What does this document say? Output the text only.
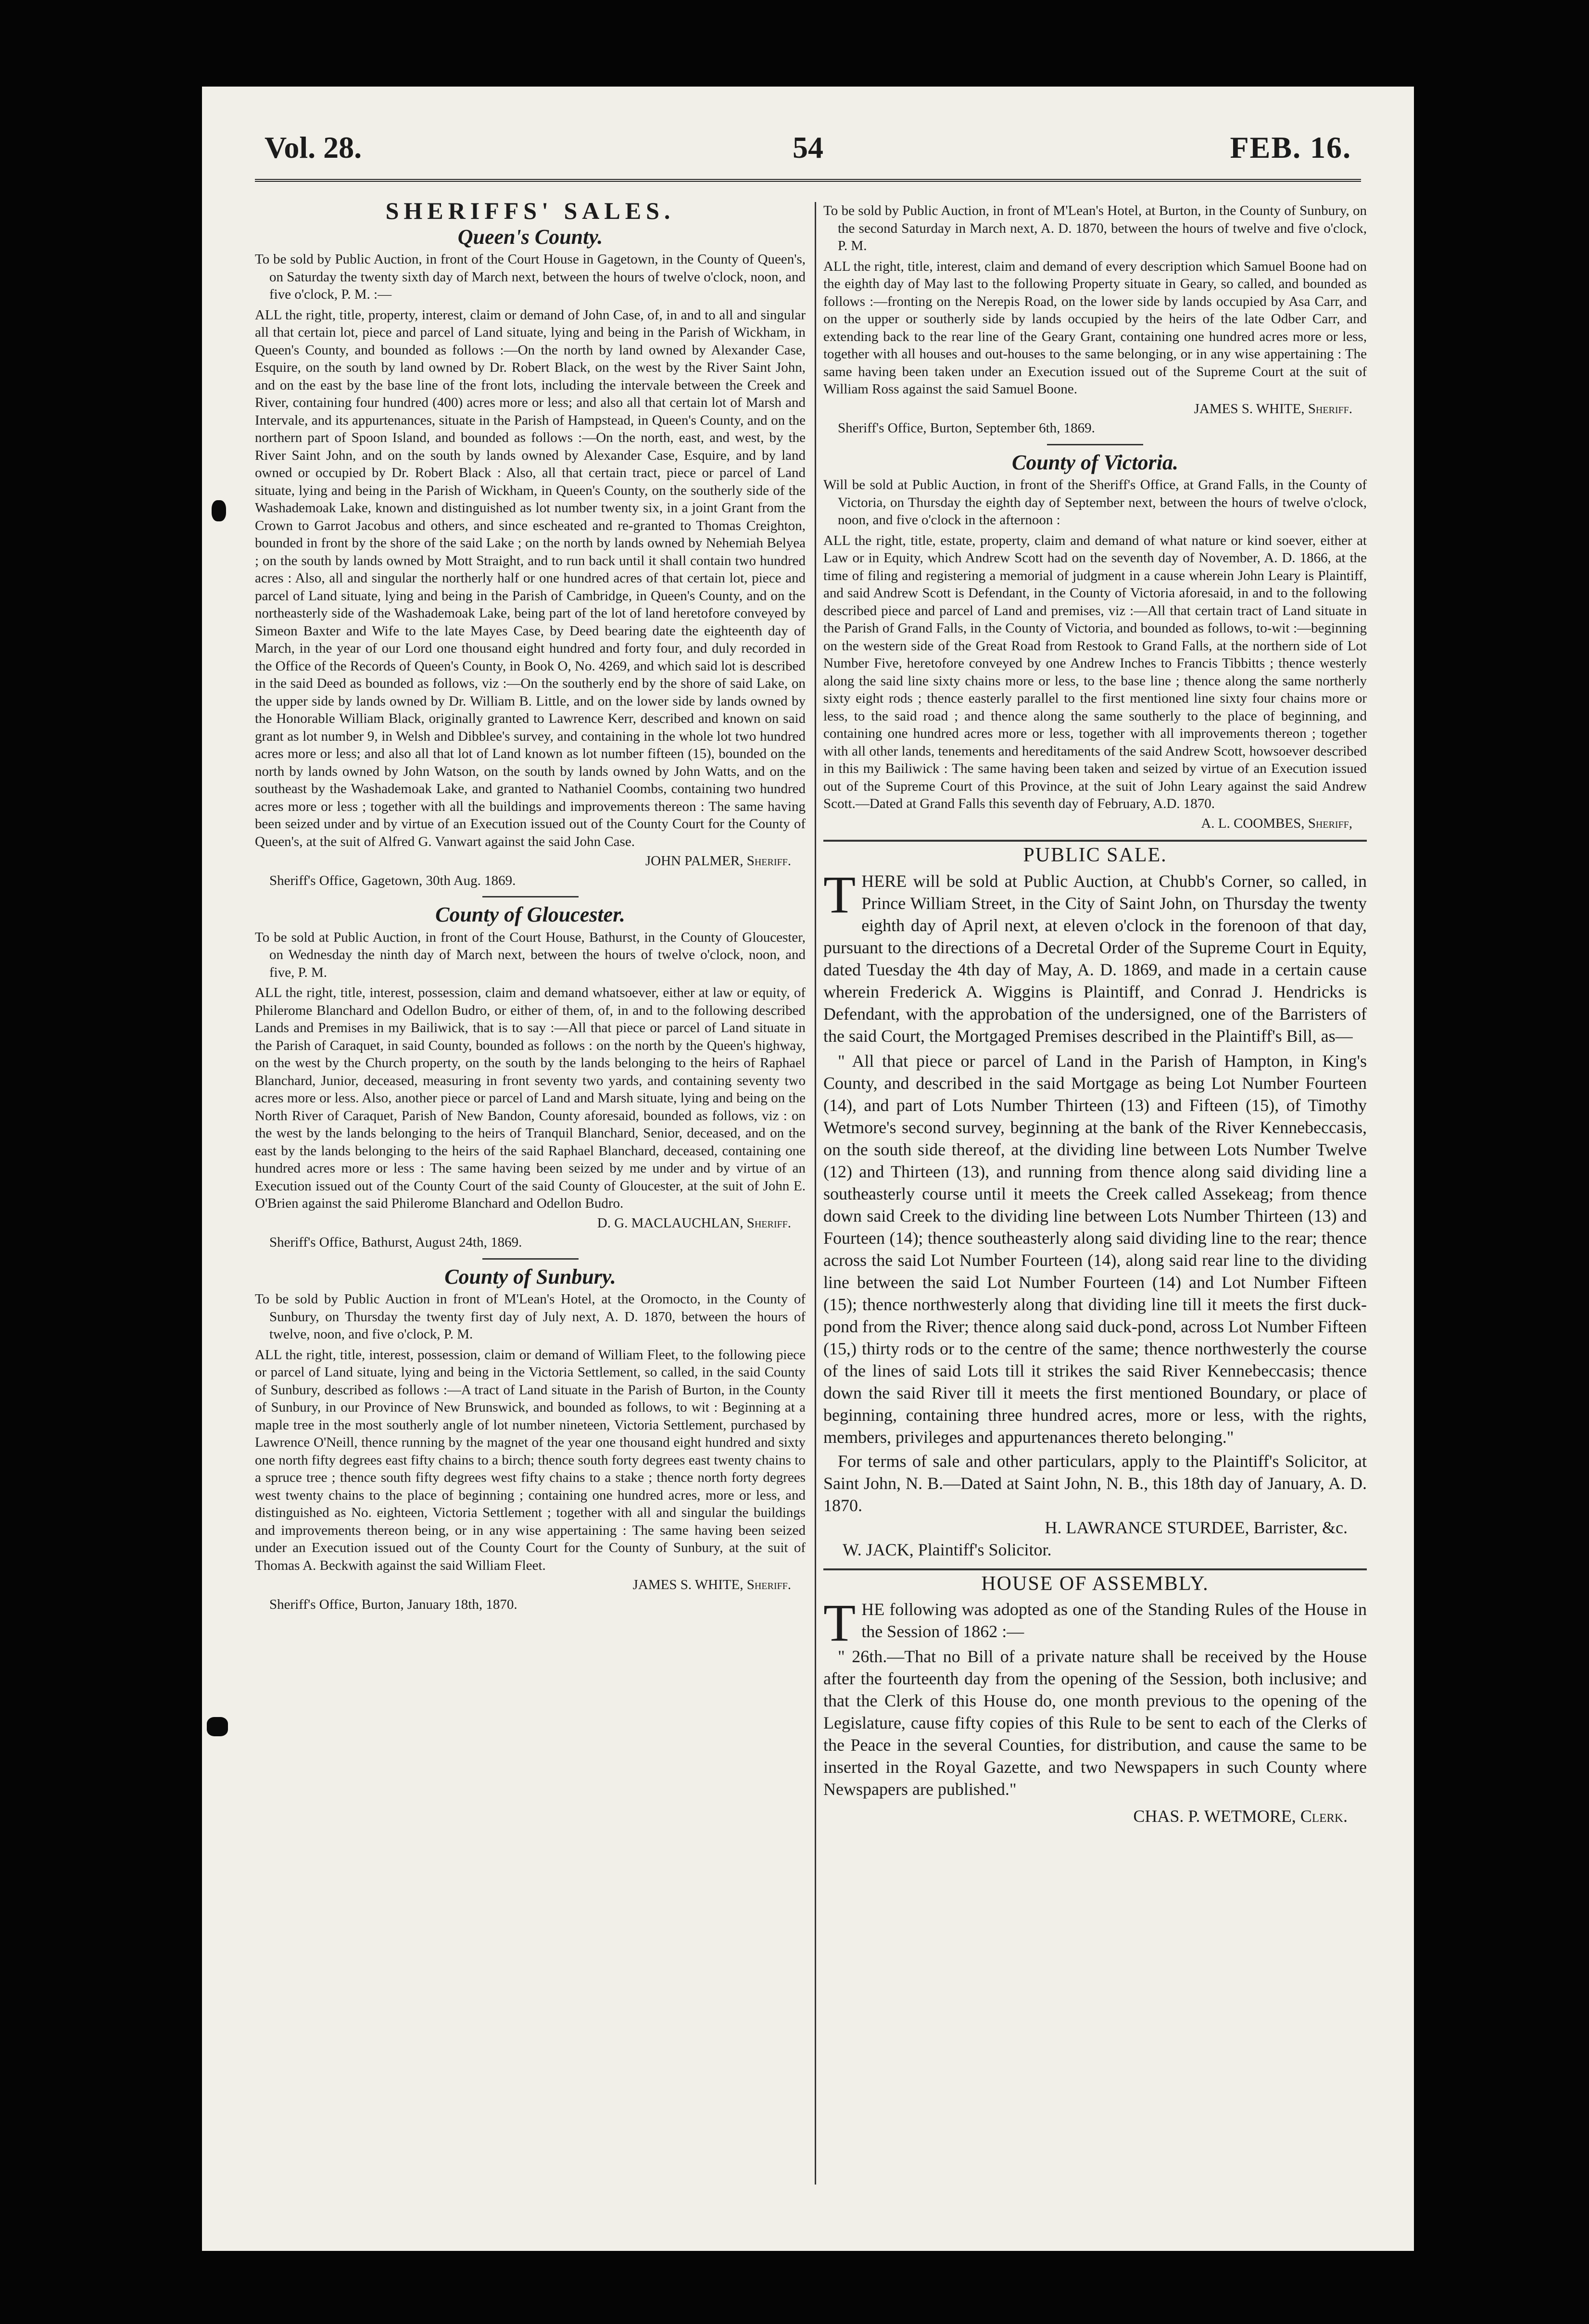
Vol. 28.	54	FEB. 16.
SHERIFFS' SALES.
Queen's County.

To be sold by Public Auction, in front of the Court House in Gagetown, in the County of Queen's, on Saturday the twenty sixth day of March next, between the hours of twelve o'clock, noon, and five o'clock, P. M. :—

ALL the right, title, property, interest, claim or demand of John Case, of, in and to all and singular all that certain lot, piece and parcel of Land situate, lying and being in the Parish of Wickham, in Queen's County, and bounded as follows :—On the north by land owned by Alexander Case, Esquire, on the south by land owned by Dr. Robert Black, on the west by the River Saint John, and on the east by the base line of the front lots, including the intervale between the Creek and River, containing four hundred (400) acres more or less; and also all that certain lot of Marsh and Intervale, and its appurtenances, situate in the Parish of Hampstead, in Queen's County, and on the northern part of Spoon Island, and bounded as follows :—On the north, east, and west, by the River Saint John, and on the south by lands owned by Alexander Case, Esquire, and by land owned or occupied by Dr. Robert Black : Also, all that certain tract, piece or parcel of Land situate, lying and being in the Parish of Wickham, in Queen's County, on the southerly side of the Washademoak Lake, known and distinguished as lot number twenty six, in a joint Grant from the Crown to Garrot Jacobus and others, and since escheated and re-granted to Thomas Creighton, bounded in front by the shore of the said Lake ; on the north by lands owned by Nehemiah Belyea ; on the south by lands owned by Mott Straight, and to run back until it shall contain two hundred acres : Also, all and singular the northerly half or one hundred acres of that certain lot, piece and parcel of Land situate, lying and being in the Parish of Cambridge, in Queen's County, and on the northeasterly side of the Washademoak Lake, being part of the lot of land heretofore conveyed by Simeon Baxter and Wife to the late Mayes Case, by Deed bearing date the eighteenth day of March, in the year of our Lord one thousand eight hundred and forty four, and duly recorded in the Office of the Records of Queen's County, in Book O, No. 4269, and which said lot is described in the said Deed as bounded as follows, viz :—On the southerly end by the shore of said Lake, on the upper side by lands owned by Dr. William B. Little, and on the lower side by lands owned by the Honorable William Black, originally granted to Lawrence Kerr, described and known on said grant as lot number 9, in Welsh and Dibblee's survey, and containing in the whole lot two hundred acres more or less; and also all that lot of Land known as lot number fifteen (15), bounded on the north by lands owned by John Watson, on the south by lands owned by John Watts, and on the southeast by the Washademoak Lake, and granted to Nathaniel Coombs, containing two hundred acres more or less ; together with all the buildings and improvements thereon : The same having been seized under and by virtue of an Execution issued out of the County Court for the County of Queen's, at the suit of Alfred G. Vanwart against the said John Case.

JOHN PALMER, Sheriff.
Sheriff's Office, Gagetown, 30th Aug. 1869.
County of Gloucester.

To be sold at Public Auction, in front of the Court House, Bathurst, in the County of Gloucester, on Wednesday the ninth day of March next, between the hours of twelve o'clock, noon, and five, P. M.

ALL the right, title, interest, possession, claim and demand whatsoever, either at law or equity, of Philerome Blanchard and Odellon Budro, or either of them, of, in and to the following described Lands and Premises in my Bailiwick, that is to say :—All that piece or parcel of Land situate in the Parish of Caraquet, in said County, bounded as follows : on the north by the Queen's highway, on the west by the Church property, on the south by the lands belonging to the heirs of Raphael Blanchard, Junior, deceased, measuring in front seventy two yards, and containing seventy two acres more or less. Also, another piece or parcel of Land and Marsh situate, lying and being on the North River of Caraquet, Parish of New Bandon, County aforesaid, bounded as follows, viz : on the west by the lands belonging to the heirs of Tranquil Blanchard, Senior, deceased, and on the east by the lands belonging to the heirs of the said Raphael Blanchard, deceased, containing one hundred acres more or less : The same having been seized by me under and by virtue of an Execution issued out of the County Court of the said County of Gloucester, at the suit of John E. O'Brien against the said Philerome Blanchard and Odellon Budro.

D. G. MACLAUCHLAN, Sheriff.
Sheriff's Office, Bathurst, August 24th, 1869.
County of Sunbury.

To be sold by Public Auction in front of M'Lean's Hotel, at the Oromocto, in the County of Sunbury, on Thursday the twenty first day of July next, A. D. 1870, between the hours of twelve, noon, and five o'clock, P. M.

ALL the right, title, interest, possession, claim or demand of William Fleet, to the following piece or parcel of Land situate, lying and being in the Victoria Settlement, so called, in the said County of Sunbury, described as follows :—A tract of Land situate in the Parish of Burton, in the County of Sunbury, in our Province of New Brunswick, and bounded as follows, to wit : Beginning at a maple tree in the most southerly angle of lot number nineteen, Victoria Settlement, purchased by Lawrence O'Neill, thence running by the magnet of the year one thousand eight hundred and sixty one north fifty degrees east fifty chains to a birch; thence south forty degrees east twenty chains to a spruce tree ; thence south fifty degrees west fifty chains to a stake ; thence north forty degrees west twenty chains to the place of beginning ; containing one hundred acres, more or less, and distinguished as No. eighteen, Victoria Settlement ; together with all and singular the buildings and improvements thereon being, or in any wise appertaining : The same having been seized under an Execution issued out of the County Court for the County of Sunbury, at the suit of Thomas A. Beckwith against the said William Fleet.

JAMES S. WHITE, Sheriff.
Sheriff's Office, Burton, January 18th, 1870.

To be sold by Public Auction, in front of M'Lean's Hotel, at Burton, in the County of Sunbury, on the second Saturday in March next, A. D. 1870, between the hours of twelve and five o'clock, P. M.

ALL the right, title, interest, claim and demand of every description which Samuel Boone had on the eighth day of May last to the following Property situate in Geary, so called, and bounded as follows :—fronting on the Nerepis Road, on the lower side by lands occupied by Asa Carr, and on the upper or southerly side by lands occupied by the heirs of the late Odber Carr, and extending back to the rear line of the Geary Grant, containing one hundred acres more or less, together with all houses and out-houses to the same belonging, or in any wise appertaining : The same having been taken under an Execution issued out of the Supreme Court at the suit of William Ross against the said Samuel Boone.

JAMES S. WHITE, Sheriff.
Sheriff's Office, Burton, September 6th, 1869.
County of Victoria.

Will be sold at Public Auction, in front of the Sheriff's Office, at Grand Falls, in the County of Victoria, on Thursday the eighth day of September next, between the hours of twelve o'clock, noon, and five o'clock in the afternoon :

ALL the right, title, estate, property, claim and demand of what nature or kind soever, either at Law or in Equity, which Andrew Scott had on the seventh day of November, A. D. 1866, at the time of filing and registering a memorial of judgment in a cause wherein John Leary is Plaintiff, and said Andrew Scott is Defendant, in the County of Victoria aforesaid, in and to the following described piece and parcel of Land and premises, viz :—All that certain tract of Land situate in the Parish of Grand Falls, in the County of Victoria, and bounded as follows, to-wit :—beginning on the western side of the Great Road from Restook to Grand Falls, at the northern side of Lot Number Five, heretofore conveyed by one Andrew Inches to Francis Tibbitts ; thence westerly along the said line sixty chains more or less, to the base line ; thence along the same northerly sixty eight rods ; thence easterly parallel to the first mentioned line sixty four chains more or less, to the said road ; and thence along the same southerly to the place of beginning, and containing one hundred acres more or less, together with all improvements thereon ; together with all other lands, tenements and hereditaments of the said Andrew Scott, howsoever described in this my Bailiwick : The same having been taken and seized by virtue of an Execution issued out of the Supreme Court of this Province, at the suit of John Leary against the said Andrew Scott.—Dated at Grand Falls this seventh day of February, A.D. 1870.

A. L. COOMBES, Sheriff,
PUBLIC SALE.
T HERE will be sold at Public Auction, at Chubb's Corner, so called, in Prince William Street, in the City of Saint John, on Thursday the twenty eighth day of April next, at eleven o'clock in the forenoon of that day, pursuant to the directions of a Decretal Order of the Supreme Court in Equity, dated Tuesday the 4th day of May, A. D. 1869, and made in a certain cause wherein Frederick A. Wiggins is Plaintiff, and Conrad J. Hendricks is Defendant, with the approbation of the undersigned, one of the Barristers of the said Court, the Mortgaged Premises described in the Plaintiff's Bill, as—

" All that piece or parcel of Land in the Parish of Hampton, in King's County, and described in the said Mortgage as being Lot Number Fourteen (14), and part of Lots Number Thirteen (13) and Fifteen (15), of Timothy Wetmore's second survey, beginning at the bank of the River Kennebeccasis, on the south side thereof, at the dividing line between Lots Number Twelve (12) and Thirteen (13), and running from thence along said dividing line a southeasterly course until it meets the Creek called Assekeag; from thence down said Creek to the dividing line between Lots Number Thirteen (13) and Fourteen (14); thence southeasterly along said dividing line to the rear; thence across the said Lot Number Fourteen (14), along said rear line to the dividing line between the said Lot Number Fourteen (14) and Lot Number Fifteen (15); thence northwesterly along that dividing line till it meets the first duck-pond from the River; thence along said duck-pond, across Lot Number Fifteen (15,) thirty rods or to the centre of the same; thence northwesterly the course of the lines of said Lots till it strikes the said River Kennebeccasis; thence down the said River till it meets the first mentioned Boundary, or place of beginning, containing three hundred acres, more or less, with the rights, members, privileges and appurtenances thereto belonging."

For terms of sale and other particulars, apply to the Plaintiff's Solicitor, at Saint John, N. B.—Dated at Saint John, N. B., this 18th day of January, A. D. 1870.

H. LAWRANCE STURDEE, Barrister, &c.
W. JACK, Plaintiff's Solicitor.
HOUSE OF ASSEMBLY.
T HE following was adopted as one of the Standing Rules of the House in the Session of 1862 :—

" 26th.—That no Bill of a private nature shall be received by the House after the fourteenth day from the opening of the Session, both inclusive; and that the Clerk of this House do, one month previous to the opening of the Legislature, cause fifty copies of this Rule to be sent to each of the Clerks of the Peace in the several Counties, for distribution, and cause the same to be inserted in the Royal Gazette, and two Newspapers in such County where Newspapers are published."

CHAS. P. WETMORE, Clerk.
